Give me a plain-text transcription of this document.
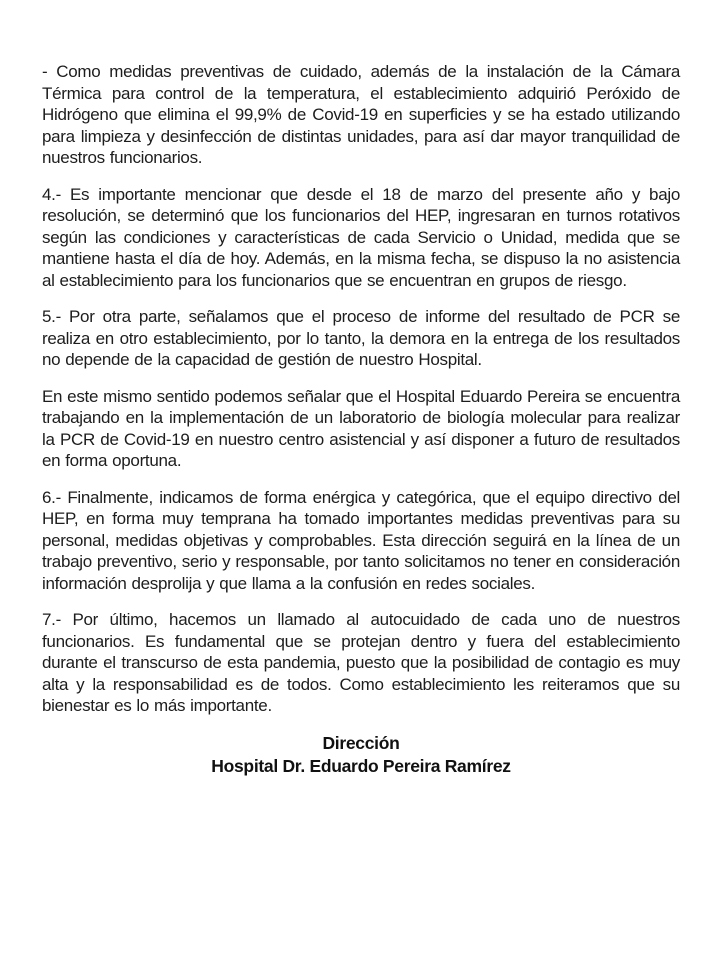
- Como medidas preventivas de cuidado, además de la instalación de la Cámara Térmica para control de la temperatura, el establecimiento adquirió Peróxido de Hidrógeno que elimina el 99,9% de Covid-19 en superficies y se ha estado utilizando para limpieza y desinfección de distintas unidades, para así dar mayor tranquilidad de nuestros funcionarios.

4.- Es importante mencionar que desde el 18 de marzo del presente año y bajo resolución, se determinó que los funcionarios del HEP, ingresaran en turnos rotativos según las condiciones y características de cada Servicio o Unidad, medida que se mantiene hasta el día de hoy. Además, en la misma fecha, se dispuso la no asistencia al establecimiento para los funcionarios que se encuentran en grupos de riesgo.

5.- Por otra parte, señalamos que el proceso de informe del resultado de PCR se realiza en otro establecimiento, por lo tanto, la demora en la entrega de los resultados no depende de la capacidad de gestión de nuestro Hospital.

En este mismo sentido podemos señalar que el Hospital Eduardo Pereira se encuentra trabajando en la implementación de un laboratorio de biología molecular para realizar la PCR de Covid-19 en nuestro centro asistencial y así disponer a futuro de resultados en forma oportuna.

6.- Finalmente, indicamos de forma enérgica y categórica, que el equipo directivo del HEP, en forma muy temprana ha tomado importantes medidas preventivas para su personal, medidas objetivas y comprobables. Esta dirección seguirá en la línea de un trabajo preventivo, serio y responsable, por tanto solicitamos no tener en consideración información desprolija y que llama a la confusión en redes sociales.

7.- Por último, hacemos un llamado al autocuidado de cada uno de nuestros funcionarios. Es fundamental que se protejan dentro y fuera del establecimiento durante el transcurso de esta pandemia, puesto que la posibilidad de contagio es muy alta y la responsabilidad es de todos. Como establecimiento les reiteramos que su bienestar es lo más importante.

Dirección
Hospital Dr. Eduardo Pereira Ramírez
